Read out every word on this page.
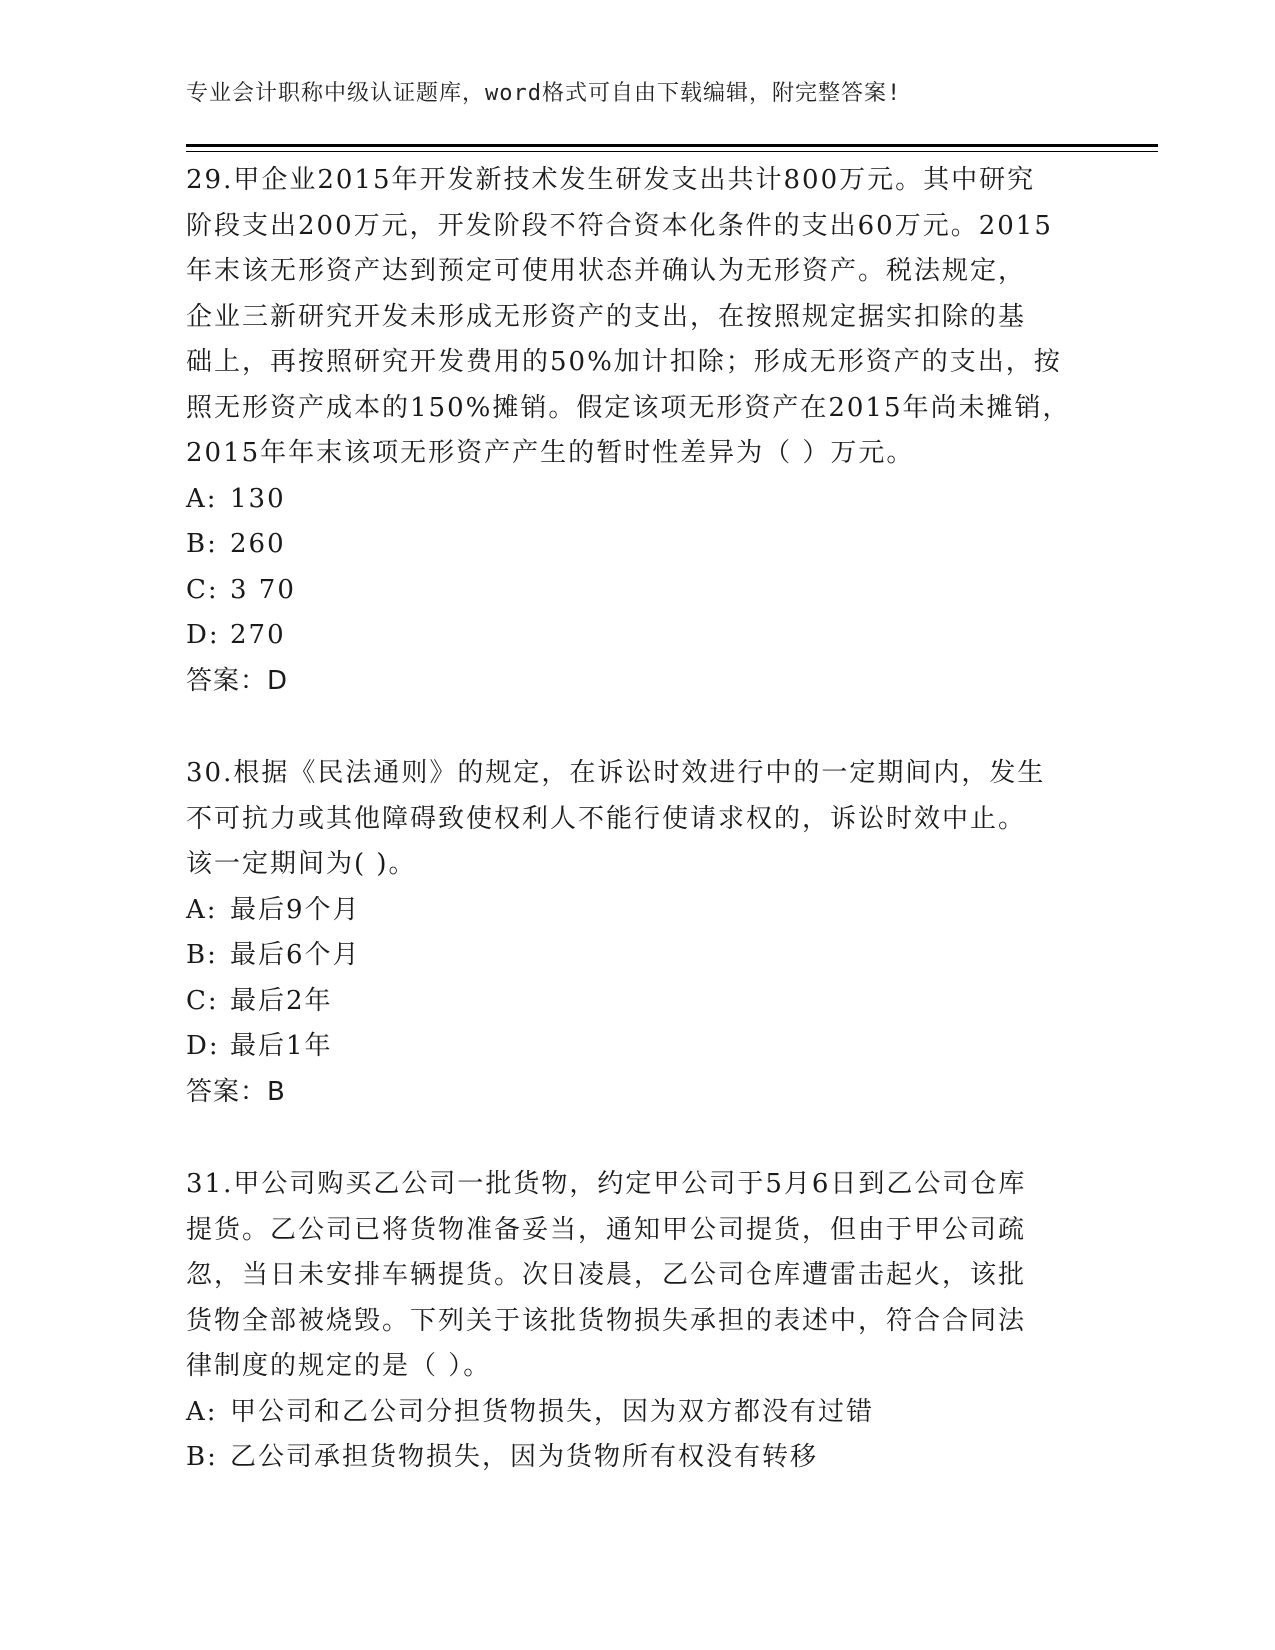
专业会计职称中级认证题库，word格式可自由下载编辑，附完整答案!
29.甲企业2015年开发新技术发生研发支出共计800万元。其中研究
阶段支出200万元，开发阶段不符合资本化条件的支出60万元。2015
年末该无形资产达到预定可使用状态并确认为无形资产。税法规定，
企业三新研究开发未形成无形资产的支出，在按照规定据实扣除的基
础上，再按照研究开发费用的50%加计扣除；形成无形资产的支出，按
照无形资产成本的150%摊销。假定该项无形资产在2015年尚未摊销，
2015年年末该项无形资产产生的暂时性差异为（ ）万元。
A: 130
B: 260
C: 3 70
D: 270
答案：D
30.根据《民法通则》的规定，在诉讼时效进行中的一定期间内，发生
不可抗力或其他障碍致使权利人不能行使请求权的，诉讼时效中止。
该一定期间为( )。
A: 最后9个月
B: 最后6个月
C: 最后2年
D: 最后1年
答案：B
31.甲公司购买乙公司一批货物，约定甲公司于5月6日到乙公司仓库
提货。乙公司已将货物准备妥当，通知甲公司提货，但由于甲公司疏
忽，当日未安排车辆提货。次日凌晨，乙公司仓库遭雷击起火，该批
货物全部被烧毁。下列关于该批货物损失承担的表述中，符合合同法
律制度的规定的是（ ）。
A: 甲公司和乙公司分担货物损失，因为双方都没有过错
B: 乙公司承担货物损失，因为货物所有权没有转移
